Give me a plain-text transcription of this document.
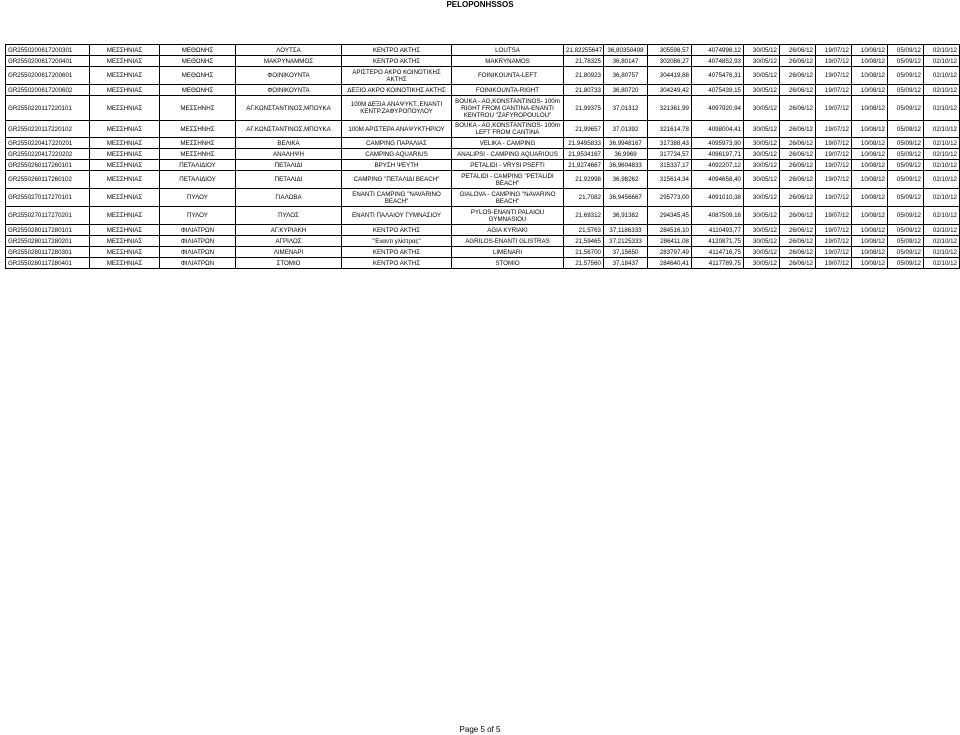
PELOPONHSSOS
GR2550200617200301	ΜΕΣΣΗΝΙΑΣ	ΜΕΘΩΝΗΣ	ΛΟΥΤΣΑ	ΚΕΝΤΡΟ ΑΚΤΗΣ	LOUTSA	21,82255647	36,80350498	305598,57	4074998,12	30/05/12	26/06/12	19/07/12	10/08/12	05/09/12	02/10/12
GR2550200617200401	ΜΕΣΣΗΝΙΑΣ	ΜΕΘΩΝΗΣ	ΜΑΚΡΥΝΑΜΜΟΣ	ΚΕΝΤΡΟ ΑΚΤΗΣ	MAKRYNAMOS	21,78325	36,80147	302086,27	4074852,93	30/05/12	26/06/12	19/07/12	10/08/12	05/09/12	02/10/12
GR2550200617200601	ΜΕΣΣΗΝΙΑΣ	ΜΕΘΩΝΗΣ	ΦΟΙΝΙΚΟΥΝΤΑ	ΑΡΙΣΤΕΡΟ ΑΚΡΟ ΚΟΙΝΟΤΙΚΗΣ ΑΚΤΗΣ	FOINIKOUNTA-LEFT	21,80923	36,80757	304419,88	4075476,31	30/05/12	26/06/12	19/07/12	10/08/12	05/09/12	02/10/12
GR2550200617200602	ΜΕΣΣΗΝΙΑΣ	ΜΕΘΩΝΗΣ	ΦΟΙΝΙΚΟΥΝΤΑ	ΔΕΞΙΟ ΑΚΡΟ ΚΟΙΝΟΤΙΚΗΣ ΑΚΤΗΣ	FOINIKOUNTA-RIGHT	21,80733	36,80720	304249,42	4075439,15	30/05/12	26/06/12	19/07/12	10/08/12	05/09/12	02/10/12
GR2550220117220101	ΜΕΣΣΗΝΙΑΣ	ΜΕΣΣΗΝΗΣ	ΑΓ.ΚΩΝΣΤΑΝΤΙΝΟΣ,ΜΠΟΥΚΑ	100Μ ΔΕΞΙΑ ΑΝΑΨΥΚΤ.,ΕΝΑΝΤΙ ΚΕΝΤΡ.ΖΑΦΥΡΟΠΟΥΛΟΥ	BOUKA - AG,KONSTANTINOS- 100m RIGHT FROM CANTINA-ENANTI KENTROU "ZAFYROPOULOU"	21,99375	37,01312	321361,99	4097920,94	30/05/12	26/06/12	19/07/12	10/08/12	05/09/12	02/10/12
GR2550220117220102	ΜΕΣΣΗΝΙΑΣ	ΜΕΣΣΗΝΗΣ	ΑΓ.ΚΩΝΣΤΑΝΤΙΝΟΣ,ΜΠΟΥΚΑ	100Μ ΑΡΙΣΤΕΡΑ ΑΝΑΨΥΚΤΗΡΙΟΥ	BOUKA - AG,KONSTANTINOS- 100m LEFT FROM CANTINA	21,99657	37,01392	321614,78	4098004,41	30/05/12	26/06/12	19/07/12	10/08/12	05/09/12	02/10/12
GR2550220417220201	ΜΕΣΣΗΝΙΑΣ	ΜΕΣΣΗΝΗΣ	ΒΕΛΙΚΑ	CAMPING ΠΑΡΑΛΙΑΣ	VELIKA - CAMPING	21,9495833	36,9948167	317388,43	4095973,90	30/05/12	26/06/12	19/07/12	10/08/12	05/09/12	02/10/12
GR2550220417220202	ΜΕΣΣΗΝΙΑΣ	ΜΕΣΣΗΝΗΣ	ΑΝΑΛΗΨΗ	CAMPING AQUARIUS	ANALIPSI - CAMPING AQUARIOUS	21,9534167	36,9969	317734,57	4096197,71	30/05/12	26/06/12	19/07/12	10/08/12	05/09/12	02/10/12
GR2550260117260101	ΜΕΣΣΗΝΙΑΣ	ΠΕΤΑΛΙΔΙΟΥ	ΠΕΤΑΛΙΔΙ	ΒΡΥΣΗ ΨΕΥΤΗ	PETALIDI - VRYSI PSEFTI	21,9274667	36,9604833	315337,17	4092207,12	30/05/12	26/06/12	19/07/12	10/08/12	05/09/12	02/10/12
GR2550260117260102	ΜΕΣΣΗΝΙΑΣ	ΠΕΤΑΛΙΔΙΟΥ	ΠΕΤΑΛΙΔΙ	CAMPING "ΠΕΤΑΛΙΔΙ BEACH"	PETALIDI - CAMPING "PETALIDI BEACH"	21,92998	36,98262	315614,34	4094658,40	30/05/12	26/06/12	19/07/12	10/08/12	05/09/12	02/10/12
GR2550270117270101	ΜΕΣΣΗΝΙΑΣ	ΠΥΛΟΥ	ΓΙΑΛΟΒΑ	ΕΝΑΝΤΙ CAMPING "NAVARINO BEACH"	GIALOVA - CAMPING "NAVARINO BEACH"	21,7082	36,9456667	295773,00	4091010,38	30/05/12	26/06/12	19/07/12	10/08/12	05/09/12	02/10/12
GR2550270117270201	ΜΕΣΣΗΝΙΑΣ	ΠΥΛΟΥ	ΠΥΛΟΣ	ΕΝΑΝΤΙ ΠΑΛΑΙΟΥ ΓΥΜΝΑΣΙΟΥ	PYLOS-ENANTI PALAIOU GYMNASIOU	21,69312	36,91382	294345,45	4087509,16	30/05/12	26/06/12	19/07/12	10/08/12	05/09/12	02/10/12
GR2550280117280101	ΜΕΣΣΗΝΙΑΣ	ΦΙΛΙΑΤΡΩΝ	ΑΓ.ΚΥΡΙΑΚΗ	ΚΕΝΤΡΟ ΑΚΤΗΣ	AGIA KYRIAKI	21,5763	37,1186333	284516,10	4110493,77	30/05/12	26/06/12	19/07/12	10/08/12	05/09/12	02/10/12
GR2550280117280201	ΜΕΣΣΗΝΙΑΣ	ΦΙΛΙΑΤΡΩΝ	ΑΓΡΙΛΟΣ	"Έναντι γλίστρας"	AGRILOS-ENANTI GLISTRAS	21,59465	37,2125333	286411,08	4120871,75	30/05/12	26/06/12	19/07/12	10/08/12	05/09/12	02/10/12
GR2550280117280301	ΜΕΣΣΗΝΙΑΣ	ΦΙΛΙΑΤΡΩΝ	ΛΙΜΕΝΑΡΙ	ΚΕΝΤΡΟ ΑΚΤΗΣ	LIMENARI	21,56700	37,15650	283797,49	4114716,75	30/05/12	26/06/12	19/07/12	10/08/12	05/09/12	02/10/12
GR2550280117280401	ΜΕΣΣΗΝΙΑΣ	ΦΙΛΙΑΤΡΩΝ	ΣΤΟΜΙΟ	ΚΕΝΤΡΟ ΑΚΤΗΣ	STOMIO	21,57560	37,18437	284640,41	4117789,75	30/05/12	26/06/12	19/07/12	10/08/12	05/09/12	02/10/12
Page 5 of 5
